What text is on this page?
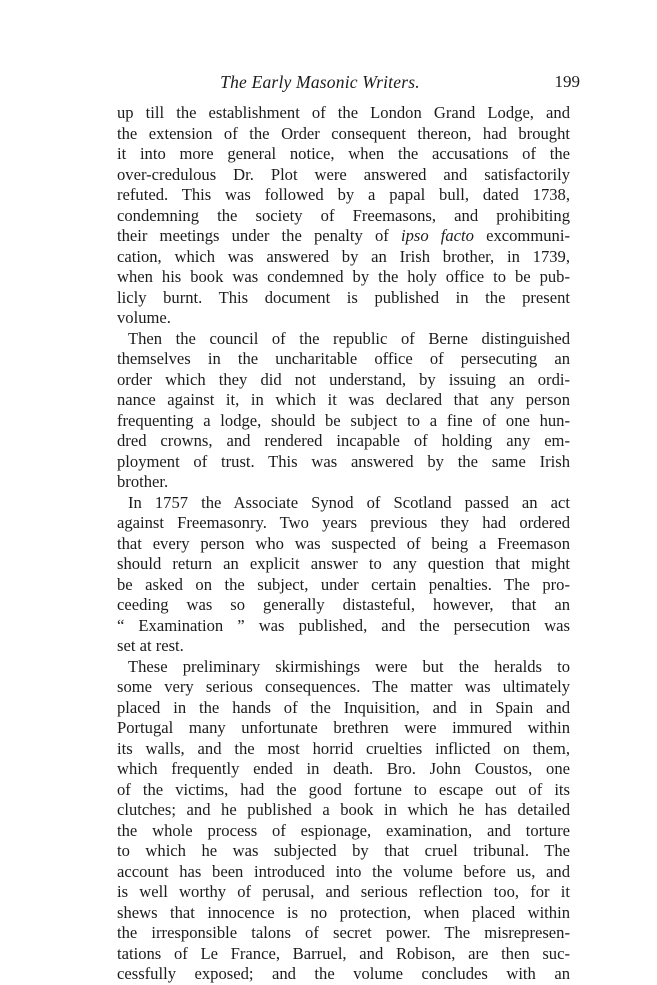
The Early Masonic Writers.	199
up till the establishment of the London Grand Lodge, and
the extension of the Order consequent thereon, had brought
it into more general notice, when the accusations of the
over-credulous Dr. Plot were answered and satisfactorily
refuted. This was followed by a papal bull, dated 1738,
condemning the society of Freemasons, and prohibiting
their meetings under the penalty of ipso facto excommuni-
cation, which was answered by an Irish brother, in 1739,
when his book was condemned by the holy office to be pub-
licly burnt. This document is published in the present
volume.
Then the council of the republic of Berne distinguished
themselves in the uncharitable office of persecuting an
order which they did not understand, by issuing an ordi-
nance against it, in which it was declared that any person
frequenting a lodge, should be subject to a fine of one hun-
dred crowns, and rendered incapable of holding any em-
ployment of trust. This was answered by the same Irish
brother.
In 1757 the Associate Synod of Scotland passed an act
against Freemasonry. Two years previous they had ordered
that every person who was suspected of being a Freemason
should return an explicit answer to any question that might
be asked on the subject, under certain penalties. The pro-
ceeding was so generally distasteful, however, that an
“ Examination ” was published, and the persecution was
set at rest.
These preliminary skirmishings were but the heralds to
some very serious consequences. The matter was ultimately
placed in the hands of the Inquisition, and in Spain and
Portugal many unfortunate brethren were immured within
its walls, and the most horrid cruelties inflicted on them,
which frequently ended in death. Bro. John Coustos, one
of the victims, had the good fortune to escape out of its
clutches; and he published a book in which he has detailed
the whole process of espionage, examination, and torture
to which he was subjected by that cruel tribunal. The
account has been introduced into the volume before us, and
is well worthy of perusal, and serious reflection too, for it
shews that innocence is no protection, when placed within
the irresponsible talons of secret power. The misrepresen-
tations of Le France, Barruel, and Robison, are then suc-
cessfully exposed; and the volume concludes with an
